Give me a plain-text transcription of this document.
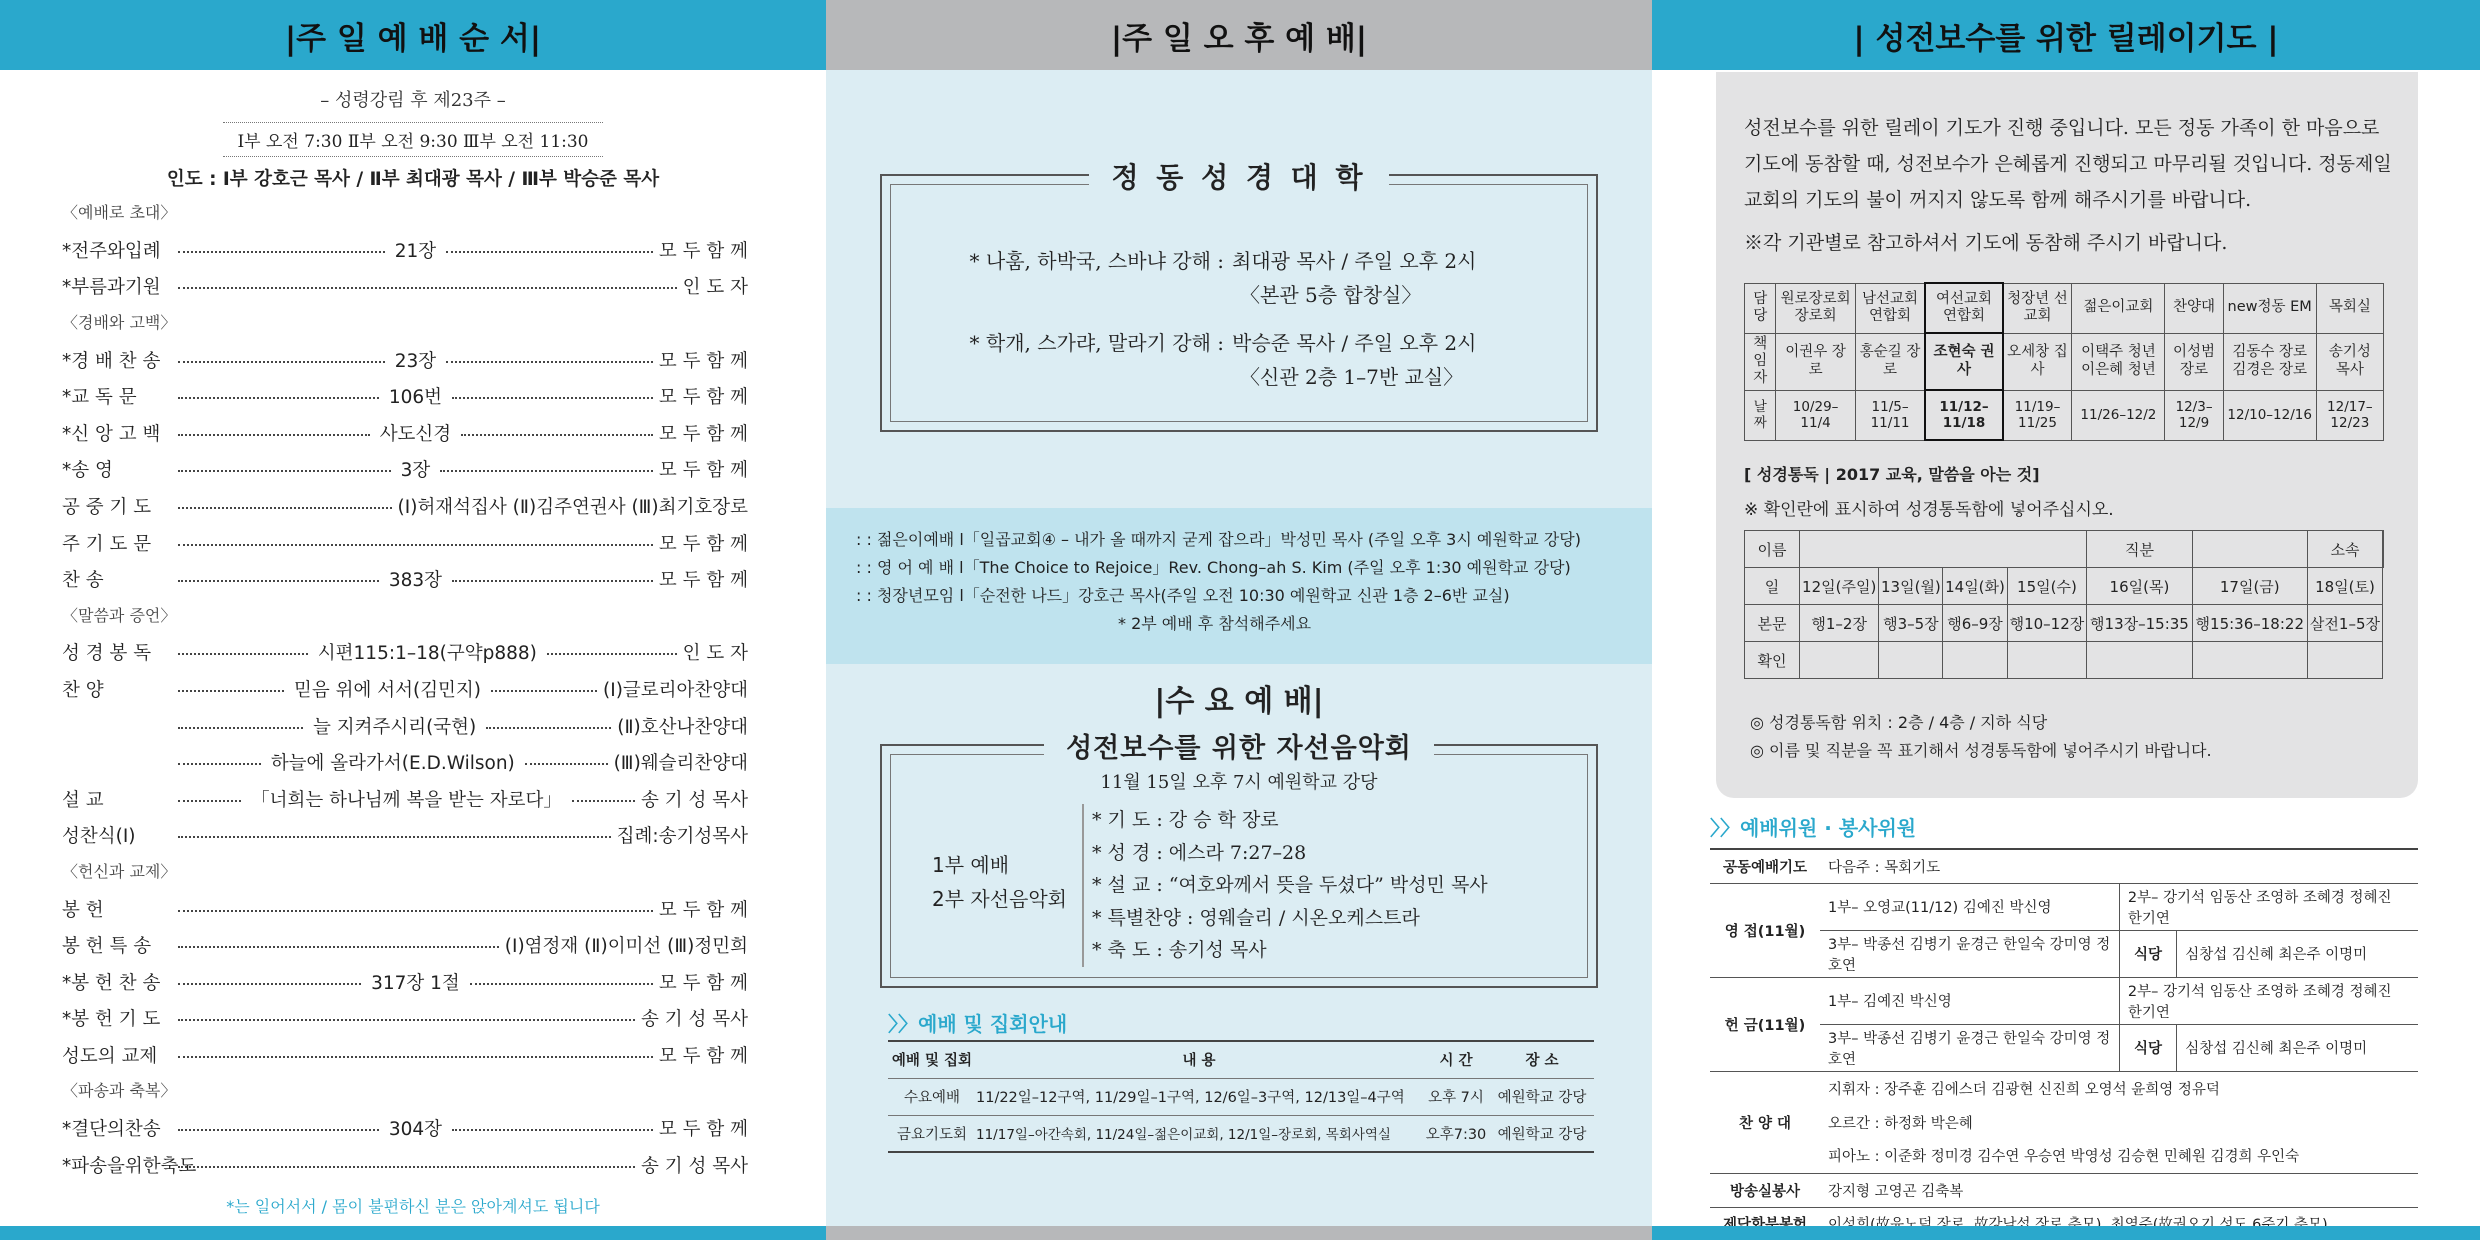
|주 일 예 배 순 서|
– 성령강림 후 제23주 –
Ⅰ부 오전 7:30 Ⅱ부 오전 9:30 Ⅲ부 오전 11:30
인도 : Ⅰ부 강호근 목사 / Ⅱ부 최대광 목사 / Ⅲ부 박승준 목사
〈예배로 초대〉
*전주와입례	21장	모 두 함 께
*부름과기원	인 도 자
〈경배와 고백〉
*경 배 찬 송	23장	모 두 함 께
*교 독 문	106번	모 두 함 께
*신 앙 고 백	사도신경	모 두 함 께
*송 영	3장	모 두 함 께
공 중 기 도	(Ⅰ)허재석집사 (Ⅱ)김주연권사 (Ⅲ)최기호장로
주 기 도 문	모 두 함 께
찬 송	383장	모 두 함 께
〈말씀과 증언〉
성 경 봉 독	시편115:1–18(구약p888)	인 도 자
찬 양	믿음 위에 서서(김민지)	(Ⅰ)글로리아찬양대
늘 지켜주시리(국현)	(Ⅱ)호산나찬양대
하늘에 올라가서(E.D.Wilson)	(Ⅲ)웨슬리찬양대
설 교	「너희는 하나님께 복을 받는 자로다」	송 기 성 목사
성찬식(Ⅰ)	집례:송기성목사
〈헌신과 교제〉
봉 헌	모 두 함 께
봉 헌 특 송	(Ⅰ)염정재 (Ⅱ)이미선 (Ⅲ)정민희
*봉 헌 찬 송	317장 1절	모 두 함 께
*봉 헌 기 도	송 기 성 목사
성도의 교제	모 두 함 께
〈파송과 축복〉
*결단의찬송	304장	모 두 함 께
*파송을위한축도	송 기 성 목사
*는 일어서서 / 몸이 불편하신 분은 앉아계셔도 됩니다
|주 일 오 후 예 배|
정 동 성 경 대 학
* 나훔, 하박국, 스바냐 강해 : 최대광 목사 / 주일 오후 2시
〈본관 5층 합창실〉
* 학개, 스가랴, 말라기 강해 : 박승준 목사 / 주일 오후 2시
〈신관 2층 1–7반 교실〉
: : 젊은이예배 l「일곱교회④ – 내가 올 때까지 굳게 잡으라」박성민 목사 (주일 오후 3시 예원학교 강당)
: : 영 어 예 배 l「The Choice to Rejoice」Rev. Chong–ah S. Kim (주일 오후 1:30 예원학교 강당)
: : 청장년모임 l「순전한 나드」강호근 목사(주일 오전 10:30 예원학교 신관 1층 2–6반 교실)
* 2부 예배 후 참석해주세요
|수 요 예 배|
성전보수를 위한 자선음악회
11월 15일 오후 7시 예원학교 강당
1부 예배
2부 자선음악회
* 기 도 : 강 승 학 장로
* 성 경 : 에스라 7:27–28
* 설 교 : “여호와께서 뜻을 두셨다” 박성민 목사
* 특별찬양 : 영웨슬리 / 시온오케스트라
* 축 도 : 송기성 목사
〉〉예배 및 집회안내
예배 및 집회	내 용	시 간	장 소
수요예배	11/22일–12구역, 11/29일–1구역, 12/6일–3구역, 12/13일–4구역	오후 7시	예원학교 강당
금요기도회	11/17일–아간속회, 11/24일–젊은이교회, 12/1일–장로회, 목회사역실	오후7:30	예원학교 강당
| 성전보수를 위한 릴레이기도 |
성전보수를 위한 릴레이 기도가 진행 중입니다. 모든 정동 가족이 한 마음으로 기도에 동참할 때, 성전보수가 은혜롭게 진행되고 마무리될 것입니다. 정동제일교회의 기도의 불이 꺼지지 않도록 함께 해주시기를 바랍니다.
※각 기관별로 참고하셔서 기도에 동참해 주시기 바랍니다.
담당	원로장로회 장로회	남선교회 연합회	여선교회 연합회	청장년 선교회	젊은이교회	찬양대	new정동 EM	목회실
책임자	이권우 장로	홍순길 장로	조현숙 권사	오세창 집사	이택주 청년 이은혜 청년	이성범 장로	김동수 장로 김경은 장로	송기성 목사
날짜	10/29–11/4	11/5–11/11	11/12–11/18	11/19–11/25	11/26–12/2	12/3–12/9	12/10–12/16	12/17–12/23
[ 성경통독 | 2017 교육, 말씀을 아는 것]
※ 확인란에 표시하여 성경통독함에 넣어주십시오.
이름					직분		소속	
일	12일(주일)	13일(월)	14일(화)	15일(수)	16일(목)	17일(금)	18일(토)	
본문	행1–2장	행3–5장	행6–9장	행10–12장	행13장–15:35	행15:36–18:22	살전1–5장	
확인								
◎ 성경통독함 위치 : 2층 / 4층 / 지하 식당
◎ 이름 및 직분을 꼭 표기해서 성경통독함에 넣어주시기 바랍니다.
〉〉예배위원 · 봉사위원
공동예배기도	다음주 : 목회기도		
영 접(11월)	1부– 오영교(11/12) 김예진 박신영	2부– 강기석 임동산 조영하 조혜경 정혜진 한기연	
	3부– 박종선 김병기 윤경근 한일숙 강미영 정호연	식당	심창섭 김신혜 최은주 이명미
헌 금(11월)	1부– 김예진 박신영	2부– 강기석 임동산 조영하 조혜경 정혜진 한기연	
	3부– 박종선 김병기 윤경근 한일숙 강미영 정호연	식당	심창섭 김신혜 최은주 이명미
찬 양 대	지휘자 : 장주훈 김에스더 김광현 신진희 오영석 윤희영 정유덕		
	오르간 : 하정화 박은혜		
	피아노 : 이준화 정미경 김수연 우승연 박영성 김승현 민혜원 김경희 우인숙		
방송실봉사	강지형 고영곤 김축복		
